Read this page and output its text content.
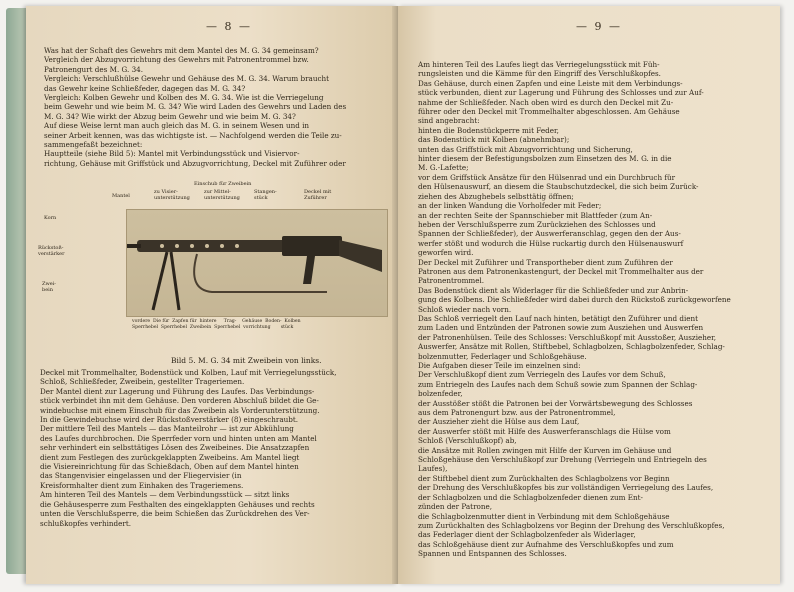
— 8 —

Was hat der Schaft des Gewehrs mit dem Mantel des M. G. 34 gemeinsam?

Vergleich der Abzugvorrichtung des Gewehrs mit Patronentrommel bzw.

Patronengurt des M. G. 34.

Vergleich: Verschlußhülse Gewehr und Gehäuse des M. G. 34. Warum braucht

das Gewehr keine Schließfeder, dagegen das M. G. 34?

Vergleich: Kolben Gewehr und Kolben des M. G. 34. Wie ist die Verriegelung

beim Gewehr und wie beim M. G. 34? Wie wird Laden des Gewehrs und Laden des

M. G. 34? Wie wirkt der Abzug beim Gewehr und wie beim M. G. 34?

Auf diese Weise lernt man auch gleich das M. G. in seinem Wesen und in

seiner Arbeit kennen, was das wichtigste ist. — Nachfolgend werden die Teile zu-

sammengefaßt bezeichnet:

Hauptteile (siehe Bild 5): Mantel mit Verbindungsstück und Visiervor-

richtung, Gehäuse mit Griffstück und Abzugvorrichtung, Deckel mit Zuführer oder

Einschub für Zweibein
Mantel
zu Visier-
unterstützung
zur Mittel-
unterstützung
Stangen-
stück
Deckel mit
Zuführer
Korn
Rückstoß-
verstärker
Zwei-
bein
vordere  Die für  Zapfen für  hintere     Trag-    Gehäuse  Boden-  Kolben
Sperrhebel  Sperrhebel  Zweibein  Sperrhebel  vorrichtung       stück
Bild 5. M. G. 34 mit Zweibein von links.

Deckel mit Trommelhalter, Bodenstück und Kolben, Lauf mit Verriegelungsstück,

Schloß, Schließfeder, Zweibein, gestellter Trageriemen.

Der Mantel dient zur Lagerung und Führung des Laufes. Das Verbindungs-

stück verbindet ihn mit dem Gehäuse. Den vorderen Abschluß bildet die Ge-

windebuchse mit einem Einschub für das Zweibein als Vorderunterstützung.

In die Gewindebuchse wird der Rückstoßverstärker (8) eingeschraubt.

Der mittlere Teil des Mantels — das Manteilrohr — ist zur Abkühlung

des Laufes durchbrochen. Die Sperrfeder vorn und hinten unten am Mantel

sehr verhindert ein selbsttätiges Lösen des Zweibeines. Die Ansatzzapfen

dient zum Festlegen des zurückgeklappten Zweibeins. Am Mantel liegt

die Visiereinrichtung für das Schießdach, Oben auf dem Mantel hinten

das Stangenvisier eingelassen und der Fliegervisier (in

Kreisformhalter dient zum Einhaken des Trageriemens.

Am hinteren Teil des Mantels — dem Verbindungsstück — sitzt links

die Gehäusesperre zum Festhalten des eingeklappten Gehäuses und rechts

unten die Verschlußsperre, die beim Schießen das Zurückdrehen des Ver-

schlußkopfes verhindert.

— 9 —

Am hinteren Teil des Laufes liegt das Verriegelungsstück mit Füh-

rungsleisten und die Kämme für den Eingriff des Verschlußkopfes.

Das Gehäuse, durch einen Zapfen und eine Leiste mit dem Verbindungs-

stück verbunden, dient zur Lagerung und Führung des Schlosses und zur Auf-

nahme der Schließfeder. Nach oben wird es durch den Deckel mit Zu-

führer oder den Deckel mit Trommelhalter abgeschlossen. Am Gehäuse

sind angebracht:

hinten die Bodenstückperre mit Feder,

das Bodenstück mit Kolben (abnehmbar);

unten das Griffstück mit Abzugvorrichtung und Sicherung,

hinter diesem der Befestigungsbolzen zum Einsetzen des M. G. in die

M. G.-Lafette;

vor dem Griffstück Ansätze für den Hülsenrad und ein Durchbruch für

den Hülsenauswurf, an diesem die Staubschutzdeckel, die sich beim Zurück-

ziehen des Abzughebels selbsttätig öffnen;

an der linken Wandung die Vorholfeder mit Feder;

an der rechten Seite der Spannschieber mit Blattfeder (zum An-

heben der Verschlußsperre zum Zurückziehen des Schlosses und

Spannen der Schließfeder), der Auswerferanschlag, gegen den der Aus-

werfer stößt und wodurch die Hülse ruckartig durch den Hülsenauswurf

geworfen wird.

Der Deckel mit Zuführer und Transportheber dient zum Zuführen der

Patronen aus dem Patronenkastengurt, der Deckel mit Trommelhalter aus der

Patronentrommel.

Das Bodenstück dient als Widerlager für die Schließfeder und zur Anbrin-

gung des Kolbens. Die Schließfeder wird dabei durch den Rückstoß zurückgeworfene

Schloß wieder nach vorn.

Das Schloß verriegelt den Lauf nach hinten, betätigt den Zuführer und dient

zum Laden und Entzünden der Patronen sowie zum Ausziehen und Auswerfen

der Patronenhülsen. Teile des Schlosses: Verschlußkopf mit Ausstoßer, Auszieher,

Auswerfer, Ansätze mit Rollen, Stiftbebel, Schlagbolzen, Schlagbolzenfeder, Schlag-

bolzenmutter, Federlager und Schloßgehäuse.

Die Aufgaben dieser Teile im einzelnen sind:

Der Verschlußkopf dient zum Verriegeln des Laufes vor dem Schuß,

zum Entriegeln des Laufes nach dem Schuß sowie zum Spannen der Schlag-

bolzenfeder,

der Ausstößer stößt die Patronen bei der Vorwärtsbewegung des Schlosses

aus dem Patronengurt bzw. aus der Patronentrommel,

der Auszieher zieht die Hülse aus dem Lauf,

der Auswerfer stößt mit Hilfe des Auswerferanschlags die Hülse vom

Schloß (Verschlußkopf) ab,

die Ansätze mit Rollen zwingen mit Hilfe der Kurven im Gehäuse und

Schloßgehäuse den Verschlußkopf zur Drehung (Verriegeln und Entriegeln des

Laufes),

der Stiftbebel dient zum Zurückhalten des Schlagbolzens vor Beginn

der Drehung des Verschlußkopfes bis zur vollständigen Verriegelung des Laufes,

der Schlagbolzen und die Schlagbolzenfeder dienen zum Ent-

zünden der Patrone,

die Schlagbolzenmutter dient in Verbindung mit dem Schloßgehäuse

zum Zurückhalten des Schlagbolzens vor Beginn der Drehung des Verschlußkopfes,

das Federlager dient der Schlagbolzenfeder als Widerlager,

das Schloßgehäuse dient zur Aufnahme des Verschlußkopfes und zum

Spannen und Entspannen des Schlosses.
